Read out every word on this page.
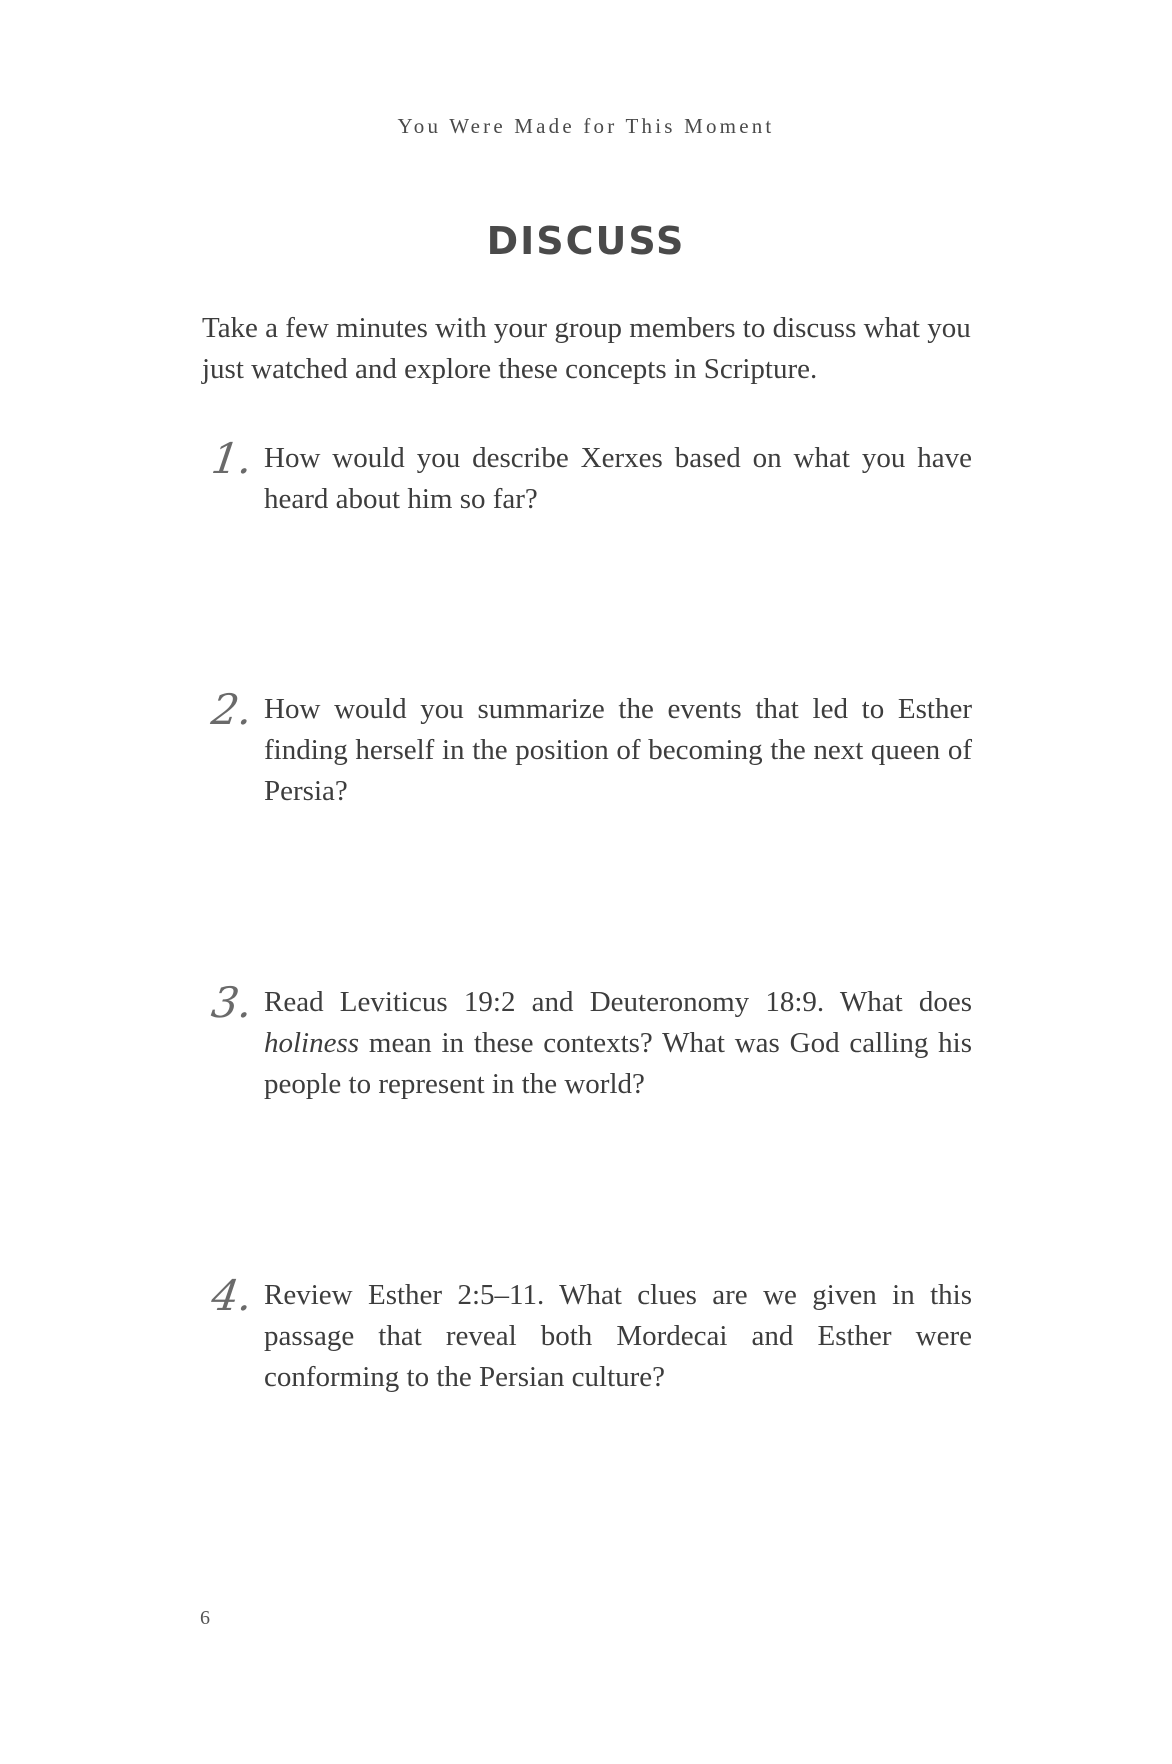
You Were Made for This Moment
DISCUSS

Take a few minutes with your group members to discuss what you just watched and explore these concepts in Scripture.

1. How would you describe Xerxes based on what you have heard about him so far?

2. How would you summarize the events that led to Esther finding herself in the position of becoming the next queen of Persia?

3. Read Leviticus 19:2 and Deuteronomy 18:9. What does holiness mean in these contexts? What was God calling his people to represent in the world?

4. Review Esther 2:5–11. What clues are we given in this passage that reveal both Mordecai and Esther were conforming to the Persian culture?

6
